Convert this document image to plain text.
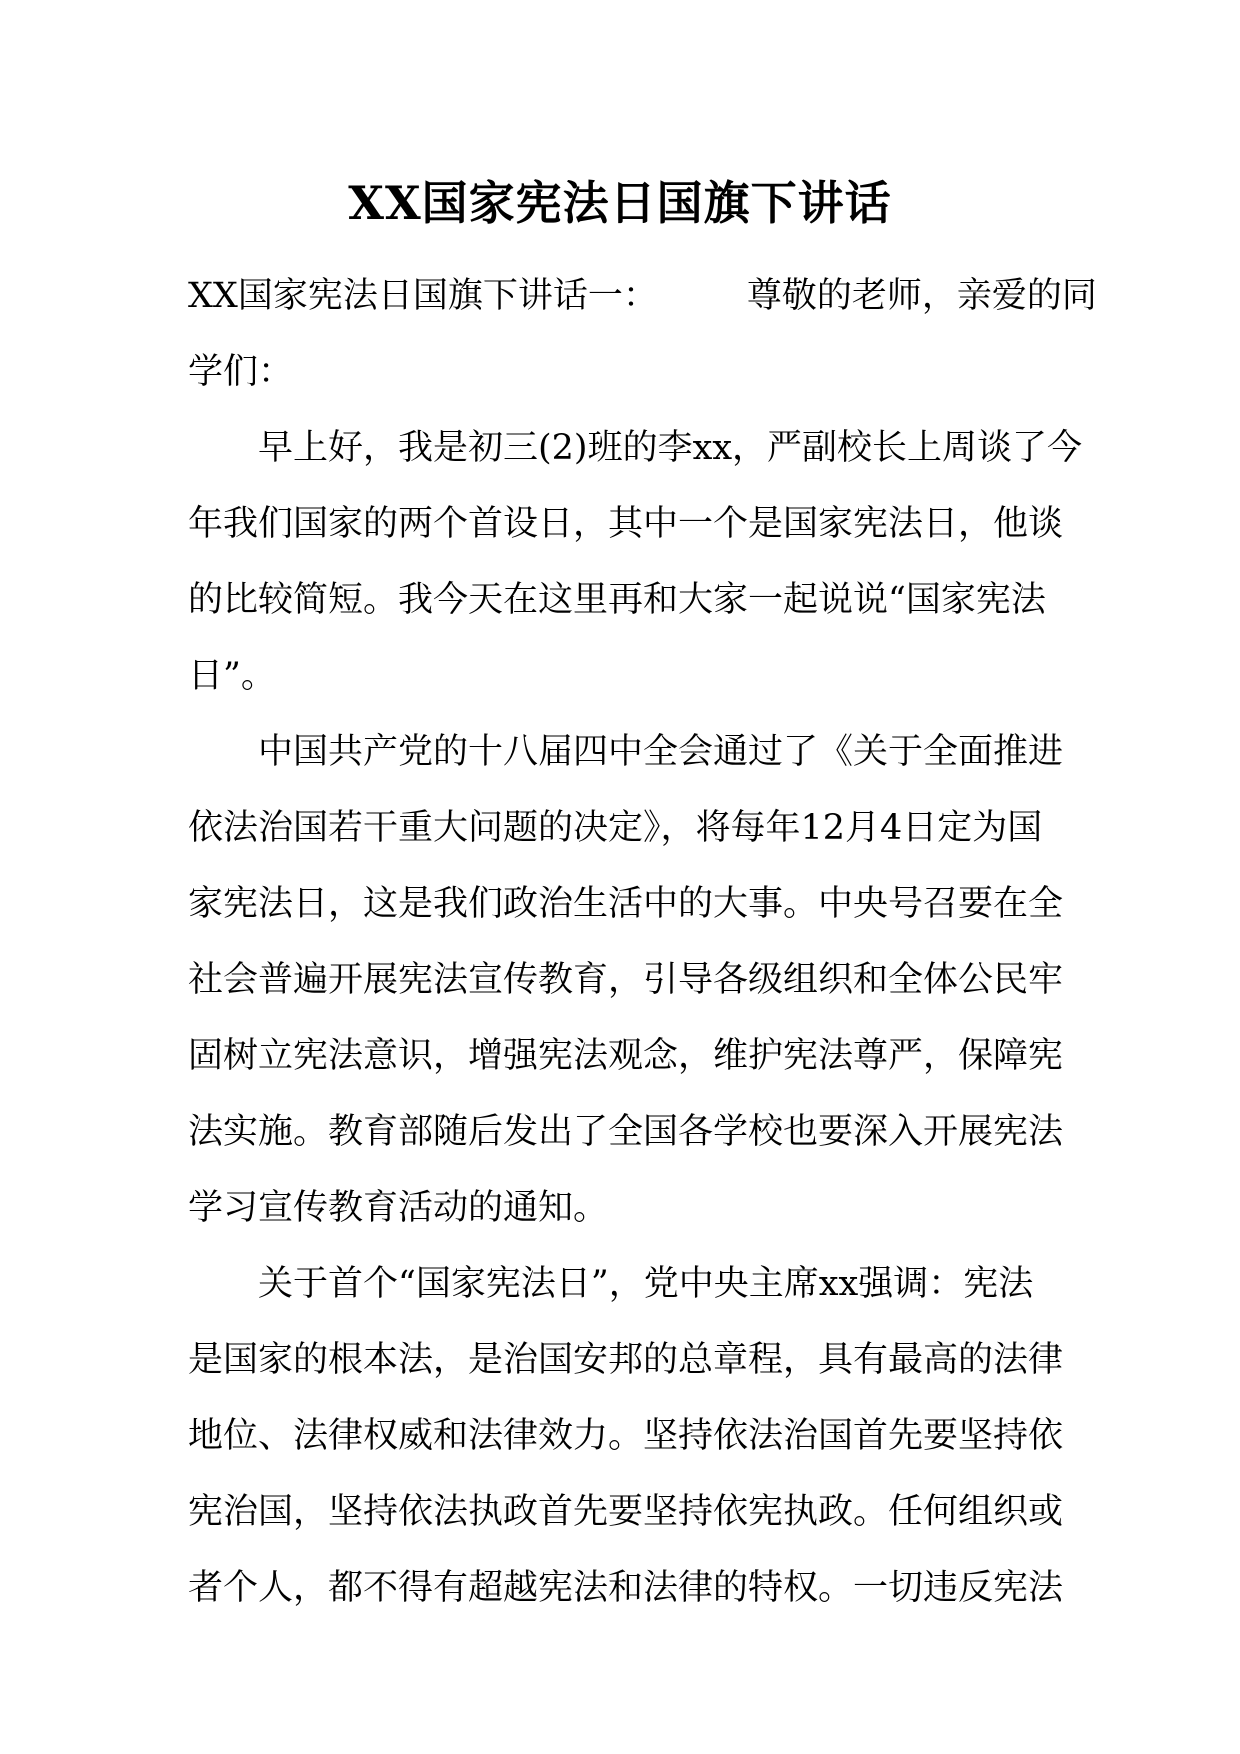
XX国家宪法日国旗下讲话

XX国家宪法日国旗下讲话一：        尊敬的老师，亲爱的同

学们：

早上好，我是初三(2)班的李xx，严副校长上周谈了今

年我们国家的两个首设日，其中一个是国家宪法日，他谈

的比较简短。我今天在这里再和大家一起说说“国家宪法

日”。

中国共产党的十八届四中全会通过了《关于全面推进

依法治国若干重大问题的决定》，将每年12月4日定为国

家宪法日，这是我们政治生活中的大事。中央号召要在全

社会普遍开展宪法宣传教育，引导各级组织和全体公民牢

固树立宪法意识，增强宪法观念，维护宪法尊严，保障宪

法实施。教育部随后发出了全国各学校也要深入开展宪法

学习宣传教育活动的通知。

关于首个“国家宪法日”，党中央主席xx强调：宪法

是国家的根本法，是治国安邦的总章程，具有最高的法律

地位、法律权威和法律效力。坚持依法治国首先要坚持依

宪治国，坚持依法执政首先要坚持依宪执政。任何组织或

者个人，都不得有超越宪法和法律的特权。一切违反宪法
